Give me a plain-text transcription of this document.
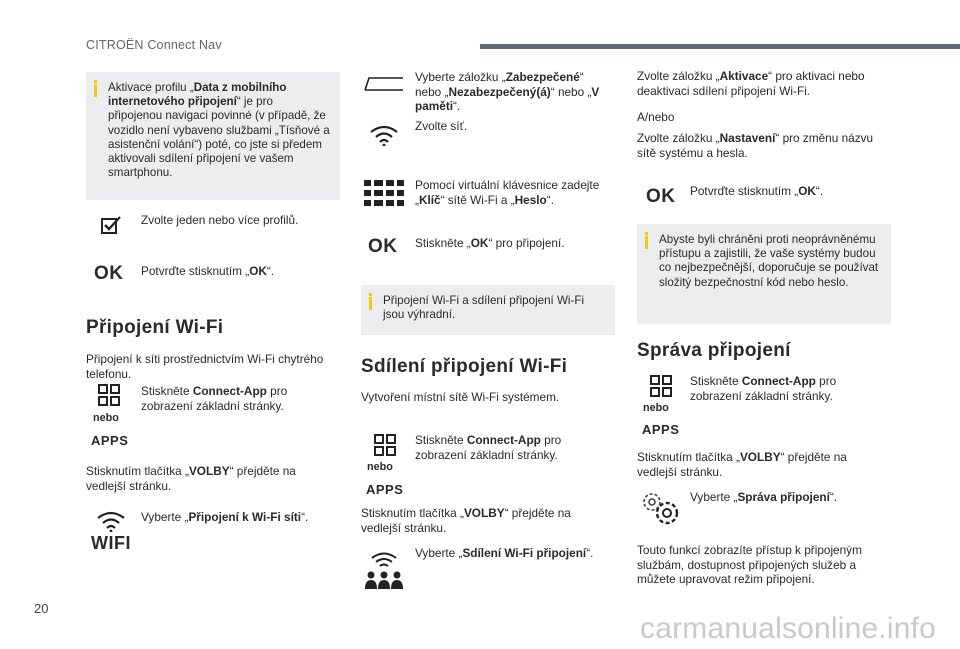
CITROËN Connect Nav
Aktivace profilu „Data z mobilního internetového připojení“ je pro připojenou navigaci povinné (v případě, že vozidlo není vybaveno službami „Tísňové a asistenční volání“) poté, co jste si předem aktivovali sdílení připojení ve vašem smartphonu.
Zvolte jeden nebo více profilů.
OK Potvrďte stisknutím „OK“.
Připojení Wi-Fi
Připojení k síti prostřednictvím Wi-Fi chytrého telefonu.
nebo
APPS
Stiskněte Connect-App pro zobrazení základní stránky.
Stisknutím tlačítka „VOLBY“ přejděte na vedlejší stránku.
WIFI
Vyberte „Připojení k Wi-Fi síti“.
Vyberte záložku „Zabezpečené“ nebo „Nezabezpečený(á)“ nebo „V paměti“.
Zvolte síť.
Pomocí virtuální klávesnice zadejte „Klíč“ sítě Wi-Fi a „Heslo“.
OK Stiskněte „OK“ pro připojení.
Připojení Wi-Fi a sdílení připojení Wi-Fi jsou výhradní.
Sdílení připojení Wi-Fi
Vytvoření místní sítě Wi-Fi systémem.
nebo
APPS
Stiskněte Connect-App pro zobrazení základní stránky.
Stisknutím tlačítka „VOLBY“ přejděte na vedlejší stránku.
Vyberte „Sdílení Wi-Fi připojení“.
Zvolte záložku „Aktivace“ pro aktivaci nebo deaktivaci sdílení připojení Wi-Fi.
A/nebo
Zvolte záložku „Nastavení“ pro změnu názvu sítě systému a hesla.
OK Potvrďte stisknutím „OK“.
Abyste byli chráněni proti neoprávněnému přístupu a zajistili, že vaše systémy budou co nejbezpečnější, doporučuje se používat složitý bezpečnostní kód nebo heslo.
Správa připojení
nebo
APPS
Stiskněte Connect-App pro zobrazení základní stránky.
Stisknutím tlačítka „VOLBY“ přejděte na vedlejší stránku.
Vyberte „Správa připojení“.
Touto funkcí zobrazíte přístup k připojeným službám, dostupnost připojených služeb a můžete upravovat režim připojení.
20
carmanualsonline.info
